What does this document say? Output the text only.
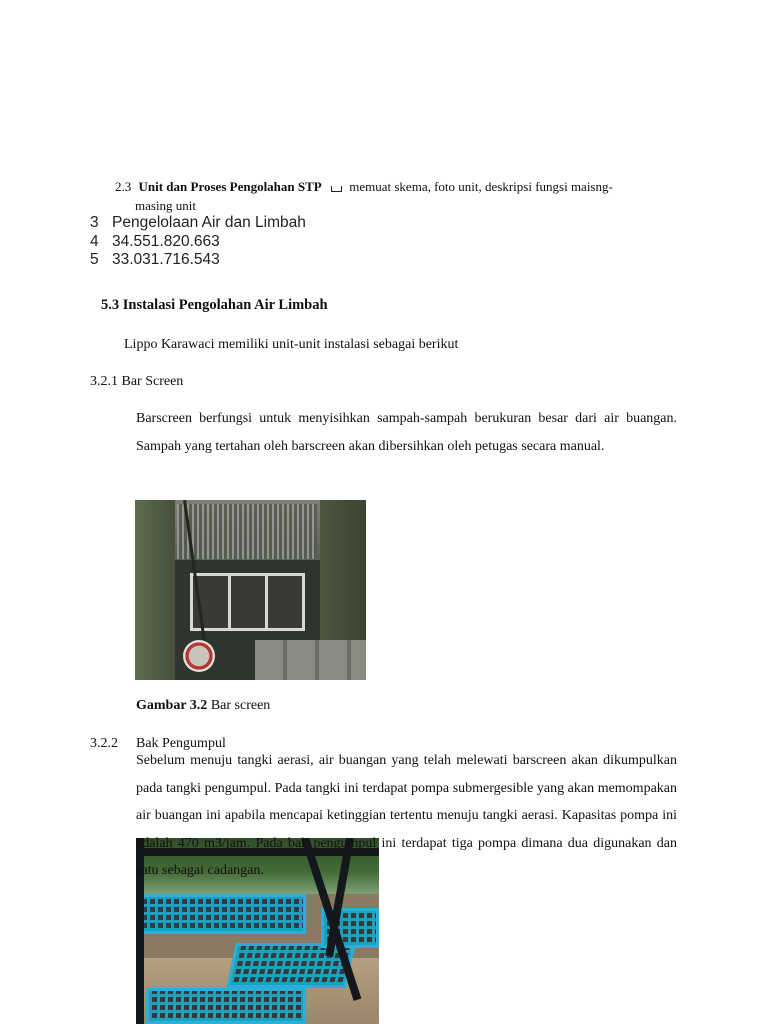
2.3 Unit dan Proses Pengolahan STP memuat skema, foto unit, deskripsi fungsi maisng-
masing unit
3 Pengelolaan Air dan Limbah
4 34.551.820.663
5 33.031.716.543
5.3 Instalasi Pengolahan Air Limbah
Lippo Karawaci memiliki unit-unit instalasi sebagai berikut
3.2.1 Bar Screen
Barscreen berfungsi untuk menyisihkan sampah-sampah berukuran besar dari air buangan. Sampah yang tertahan oleh barscreen akan dibersihkan oleh petugas secara manual.
Gambar 3.2 Bar screen
3.2.2 Bak Pengumpul
Sebelum menuju tangki aerasi, air buangan yang telah melewati barscreen akan dikumpulkan pada tangki pengumpul. Pada tangki ini terdapat pompa submergesible yang akan memompakan air buangan ini apabila mencapai ketinggian tertentu menuju tangki aerasi. Kapasitas pompa ini adalah 470 m3/jam. Pada bak pengumpul ini terdapat tiga pompa dimana dua digunakan dan satu sebagai cadangan.
